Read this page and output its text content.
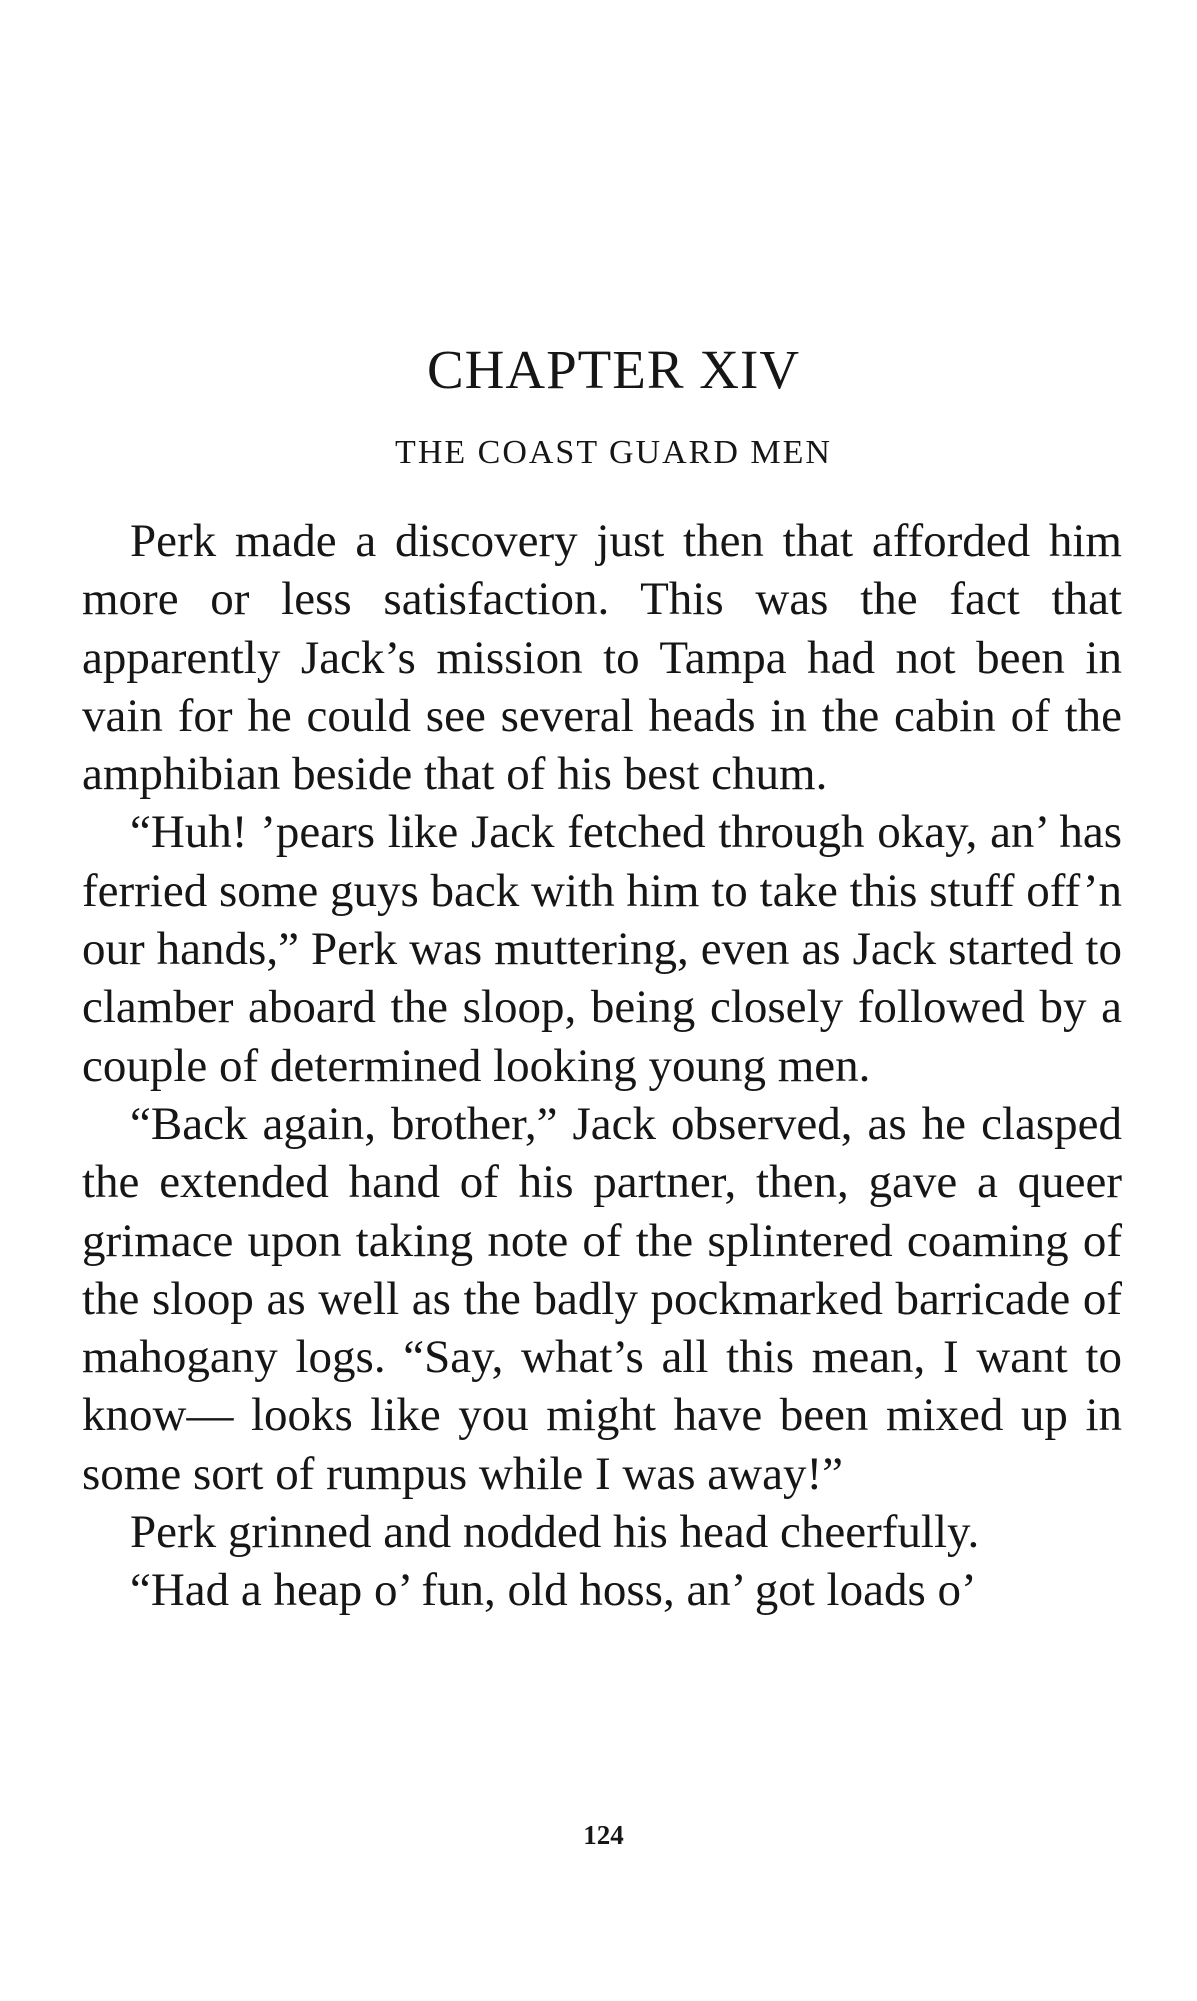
CHAPTER XIV
THE COAST GUARD MEN

Perk made a discovery just then that afforded him more or less satisfaction. This was the fact that apparently Jack’s mission to Tampa had not been in vain for he could see several heads in the cabin of the amphibian beside that of his best chum.

“Huh! ’pears like Jack fetched through okay, an’ has ferried some guys back with him to take this stuff off’n our hands,” Perk was muttering, even as Jack started to clamber aboard the sloop, being closely followed by a couple of determined looking young men.

“Back again, brother,” Jack observed, as he clasped the extended hand of his partner, then, gave a queer grimace upon taking note of the splintered coaming of the sloop as well as the badly pockmarked barricade of mahogany logs. “Say, what’s all this mean, I want to know— looks like you might have been mixed up in some sort of rumpus while I was away!”

Perk grinned and nodded his head cheerfully.

“Had a heap o’ fun, old hoss, an’ got loads o’

124
